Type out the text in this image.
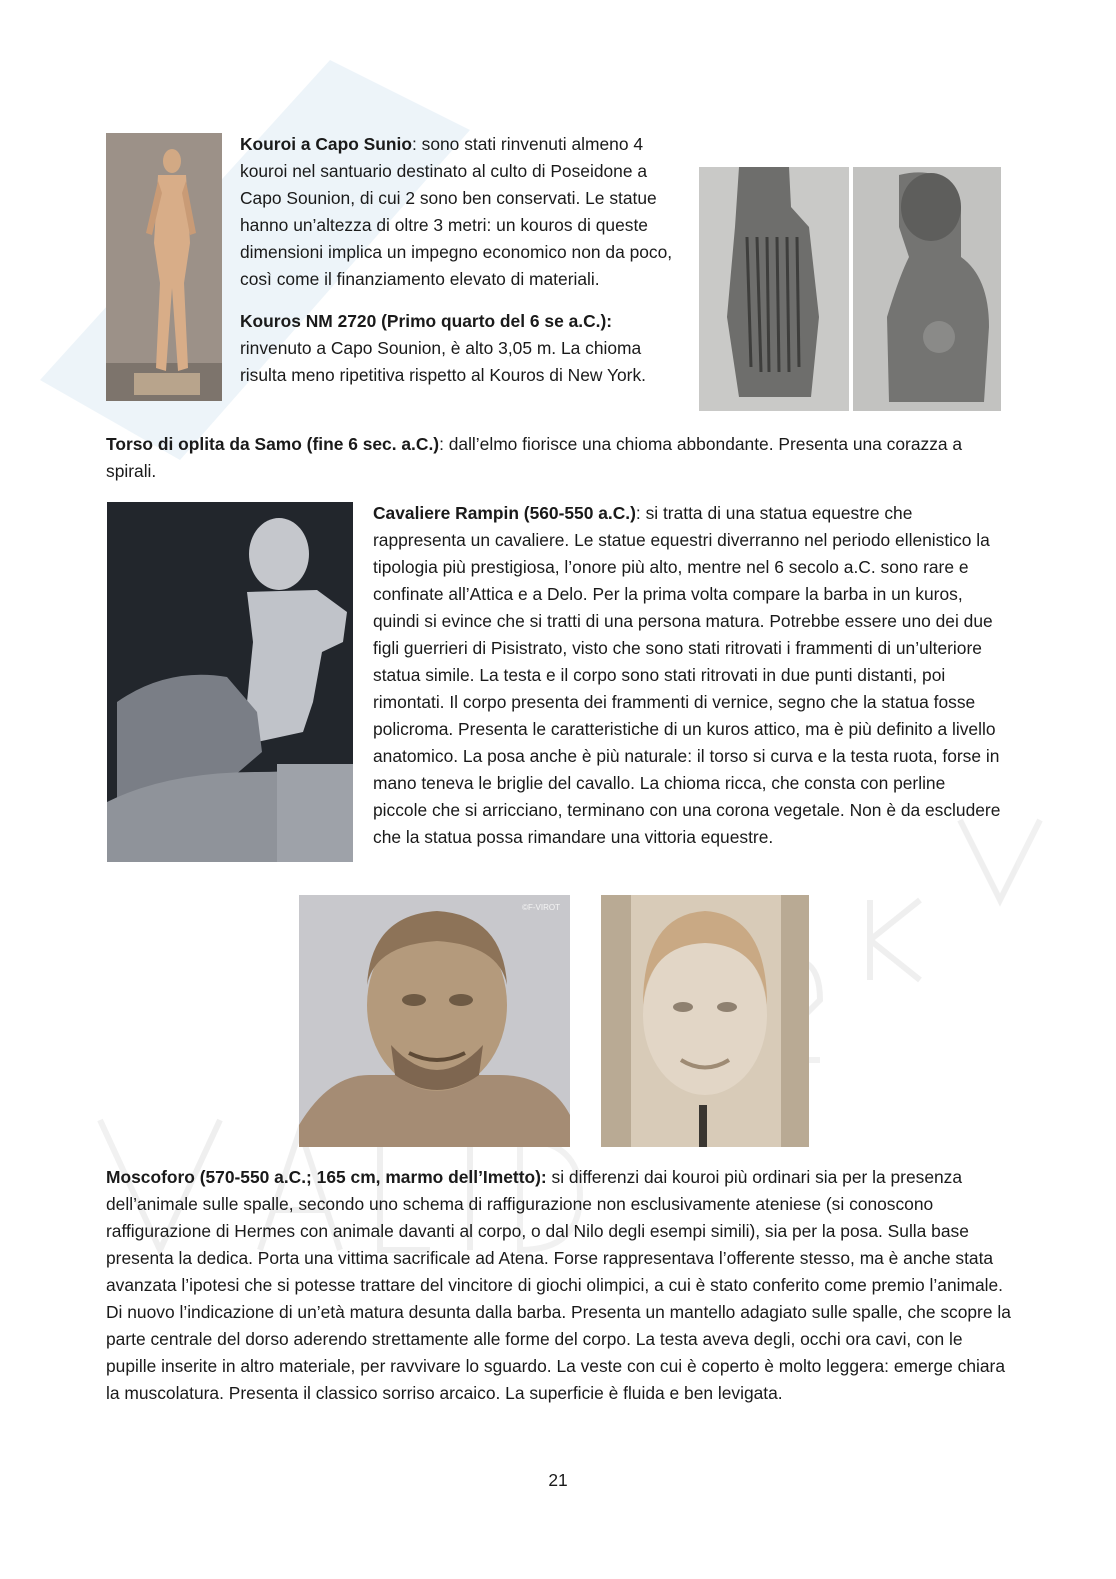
©F-VIROT

Kouroi a Capo Sunio: sono stati rinvenuti almeno 4 kouroi nel santuario destinato al culto di Poseidone a Capo Sounion, di cui 2 sono ben conservati. Le statue hanno un’altezza di oltre 3 metri: un kouros di queste dimensioni implica un impegno economico non da poco, così come il finanziamento elevato di materiali.

Kouros NM 2720 (Primo quarto del 6 se a.C.): rinvenuto a Capo Sounion, è alto 3,05 m. La chioma risulta meno ripetitiva rispetto al Kouros di New York.

Torso di oplita da Samo (fine 6 sec. a.C.): dall’elmo fiorisce una chioma abbondante. Presenta una corazza a spirali.

Cavaliere Rampin (560-550 a.C.): si tratta di una statua equestre che rappresenta un cavaliere. Le statue equestri diverranno nel periodo ellenistico la tipologia più prestigiosa, l’onore più alto, mentre nel 6 secolo a.C. sono rare e confinate all’Attica e a Delo. Per la prima volta compare la barba in un kuros, quindi si evince che si tratti di una persona matura. Potrebbe essere uno dei due figli guerrieri di Pisistrato, visto che sono stati ritrovati i frammenti di un’ulteriore statua simile. La testa e il corpo sono stati ritrovati in due punti distanti, poi rimontati. Il corpo presenta dei frammenti di vernice, segno che la statua fosse policroma. Presenta le caratteristiche di un kuros attico, ma è più definito a livello anatomico. La posa anche è più naturale: il torso si curva e la testa ruota, forse in mano teneva le briglie del cavallo. La chioma ricca, che consta con perline piccole che si arricciano, terminano con una corona vegetale. Non è da escludere che la statua possa rimandare una vittoria equestre.

Moscoforo (570-550 a.C.; 165 cm, marmo dell’Imetto): si differenzi dai kouroi più ordinari sia per la presenza dell’animale sulle spalle, secondo uno schema di raffigurazione non esclusivamente ateniese (si conoscono raffigurazione di Hermes con animale davanti al corpo, o dal Nilo degli esempi simili), sia per la posa. Sulla base presenta la dedica. Porta una vittima sacrificale ad Atena. Forse rappresentava l’offerente stesso, ma è anche stata avanzata l’ipotesi che si potesse trattare del vincitore di giochi olimpici, a cui è stato conferito come premio l’animale. Di nuovo l’indicazione di un’età matura desunta dalla barba. Presenta un mantello adagiato sulle spalle, che scopre la parte centrale del dorso aderendo strettamente alle forme del corpo. La testa aveva degli, occhi ora cavi, con le pupille inserite in altro materiale, per ravvivare lo sguardo. La veste con cui è coperto è molto leggera: emerge chiara la muscolatura. Presenta il classico sorriso arcaico. La superficie è fluida e ben levigata.

21
